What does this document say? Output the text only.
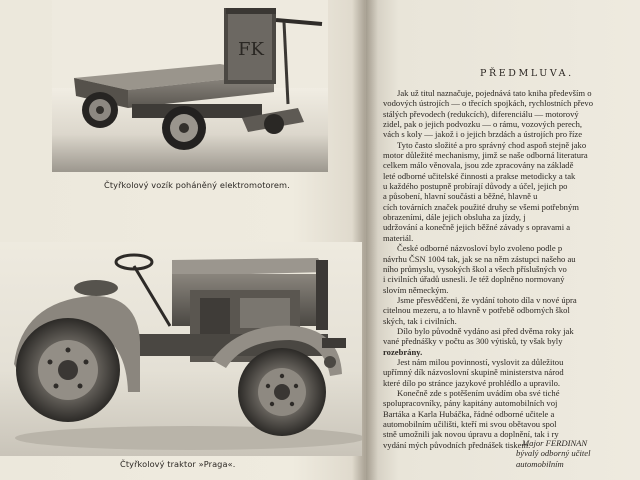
FK
Čtyřkolový vozík poháněný elektromotorem.
Čtyřkolový traktor »Praga«.
PŘEDMLUVA.
Jak už titul naznačuje, pojednává tato kniha především o
vodových ústrojích — o třecích spojkách, rychlostních převo
stálých převodech (redukcích), diferenciálu — motorový
zidel, pak o jejich podvozku — o rámu, vozových perech,
vách s koly — jakož i o jejich brzdách a ústrojích pro říze
Tyto často složité a pro správný chod aspoň stejně jako
motor důležité mechanismy, jimž se naše odborná literatura
celkem málo věnovala, jsou zde zpracovány na základě
leté odborné učitelské činnosti a prakse metodicky a tak
u každého postupně probírají důvody a účel, jejich po
a působení, hlavní součásti a běžné, hlavně u
cích továrních značek použité druhy se všemi potřebným
obrazeními, dále jejich obsluha za jízdy, j
udržování a konečně jejich běžné závady s opravami a
materiál.
České odborné názvosloví bylo zvoleno podle p
návrhu ČSN 1004 tak, jak se na něm zástupci našeho au
ního průmyslu, vysokých škol a všech příslušných vo
i civilních úřadů usnesli. Je též doplněno normovaný
slovím německým.
Jsme přesvědčeni, že vydání tohoto díla v nové úpra
citelnou mezeru, a to hlavně v potřebě odborných škol
ských, tak i civilních.
Dílo bylo původně vydáno asi před dvěma roky jak
vané přednášky v počtu as 300 výtisků, ty však byly
rozebrány.
Jest nám milou povinností, vyslovit za důležitou
upřímný dík názvoslovní skupině ministerstva národ
které dílo po stránce jazykové prohlédlo a upravilo.
Konečně zde s potěšením uvádím oba své tiché
spolupracovníky, pány kapitány automobilních voj
Bartáka a Karla Hubáčka, řádné odborné učitele a
automobilním učilišti, kteří mi svou obětavou spol
stně umožnili jak novou úpravu a doplnění, tak i ry
vydání mých původních přednášek tiskem.
Major FERDINAN
bývalý odborný učitel
automobilním
